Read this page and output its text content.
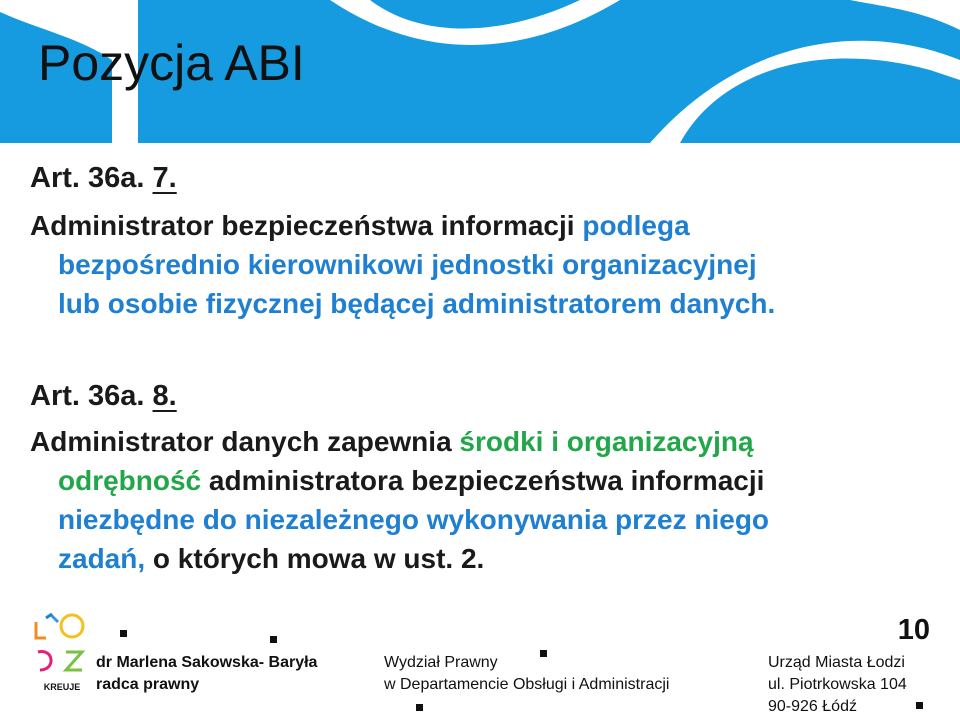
Pozycja ABI
Art. 36a. 7.
Administrator bezpieczeństwa informacji podlega
bezpośrednio kierownikowi jednostki organizacyjnej
lub osobie fizycznej będącej administratorem danych.
Art. 36a. 8.
Administrator danych zapewnia środki i organizacyjną
odrębność administratora bezpieczeństwa informacji
niezbędne do niezależnego wykonywania przez niego
zadań, o których mowa w ust. 2.
KREUJE
dr Marlena Sakowska- Baryła
radca prawny
Wydział Prawny
w Departamencie Obsługi i Administracji
Urząd Miasta Łodzi
ul. Piotrkowska 104
90-926 Łódź
10
